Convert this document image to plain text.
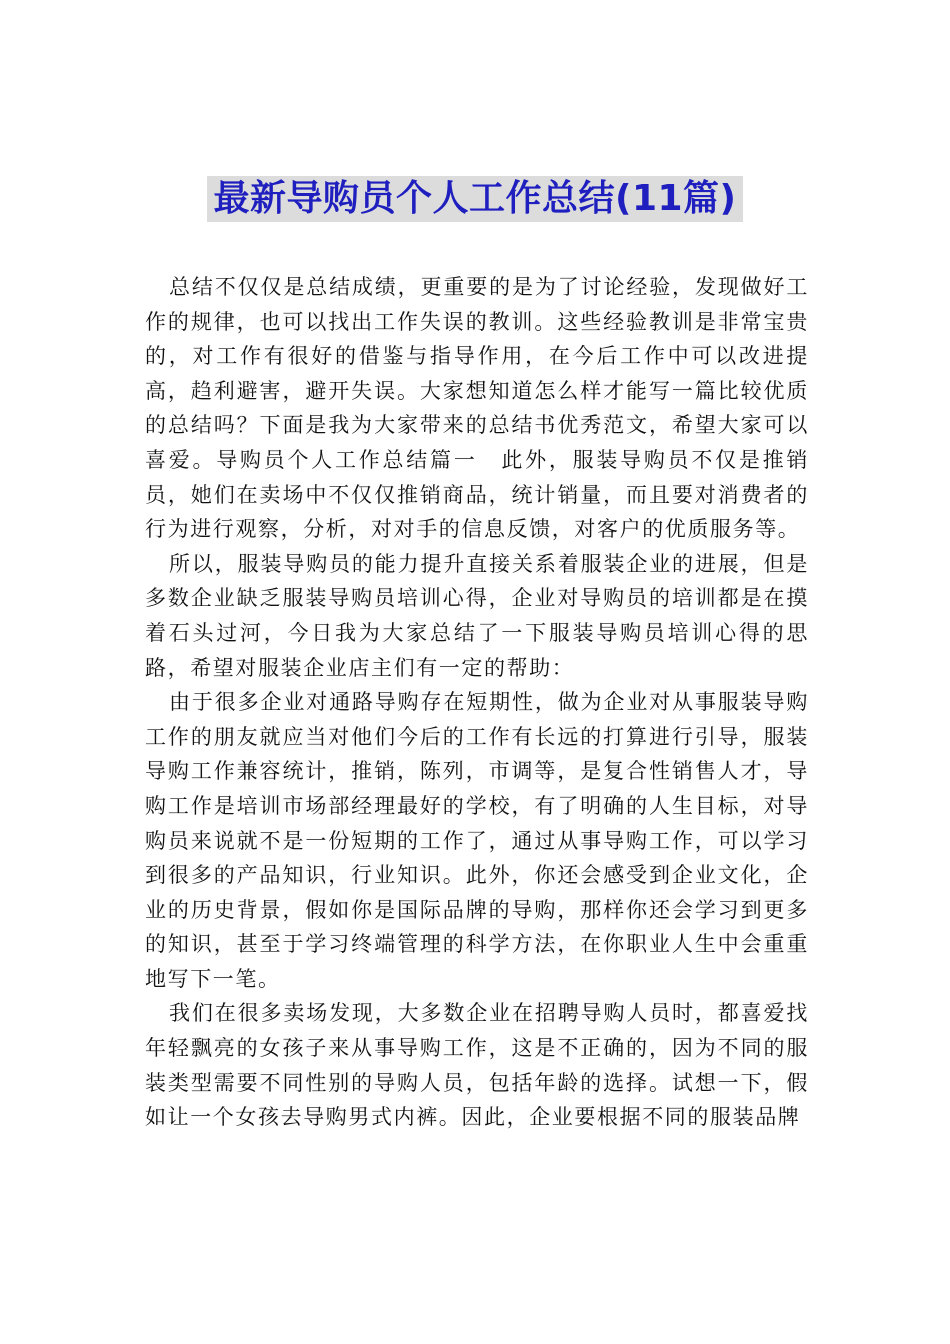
最新导购员个人工作总结(11篇)

总结不仅仅是总结成绩，更重要的是为了讨论经验，发现做好工作的规律，也可以找出工作失误的教训。这些经验教训是非常宝贵的，对工作有很好的借鉴与指导作用，在今后工作中可以改进提高，趋利避害，避开失误。大家想知道怎么样才能写一篇比较优质的总结吗？下面是我为大家带来的总结书优秀范文，希望大家可以喜爱。导购员个人工作总结篇一　此外，服装导购员不仅是推销员，她们在卖场中不仅仅推销商品，统计销量，而且要对消费者的行为进行观察，分析，对对手的信息反馈，对客户的优质服务等。

所以，服装导购员的能力提升直接关系着服装企业的进展，但是多数企业缺乏服装导购员培训心得，企业对导购员的培训都是在摸着石头过河，今日我为大家总结了一下服装导购员培训心得的思路，希望对服装企业店主们有一定的帮助：

由于很多企业对通路导购存在短期性，做为企业对从事服装导购工作的朋友就应当对他们今后的工作有长远的打算进行引导，服装导购工作兼容统计，推销，陈列，市调等，是复合性销售人才，导购工作是培训市场部经理最好的学校，有了明确的人生目标，对导购员来说就不是一份短期的工作了，通过从事导购工作，可以学习到很多的产品知识，行业知识。此外，你还会感受到企业文化，企业的历史背景，假如你是国际品牌的导购，那样你还会学习到更多的知识，甚至于学习终端管理的科学方法，在你职业人生中会重重地写下一笔。

我们在很多卖场发现，大多数企业在招聘导购人员时，都喜爱找年轻飘亮的女孩子来从事导购工作，这是不正确的，因为不同的服装类型需要不同性别的导购人员，包括年龄的选择。试想一下，假如让一个女孩去导购男式内裤。因此，企业要根据不同的服装品牌
